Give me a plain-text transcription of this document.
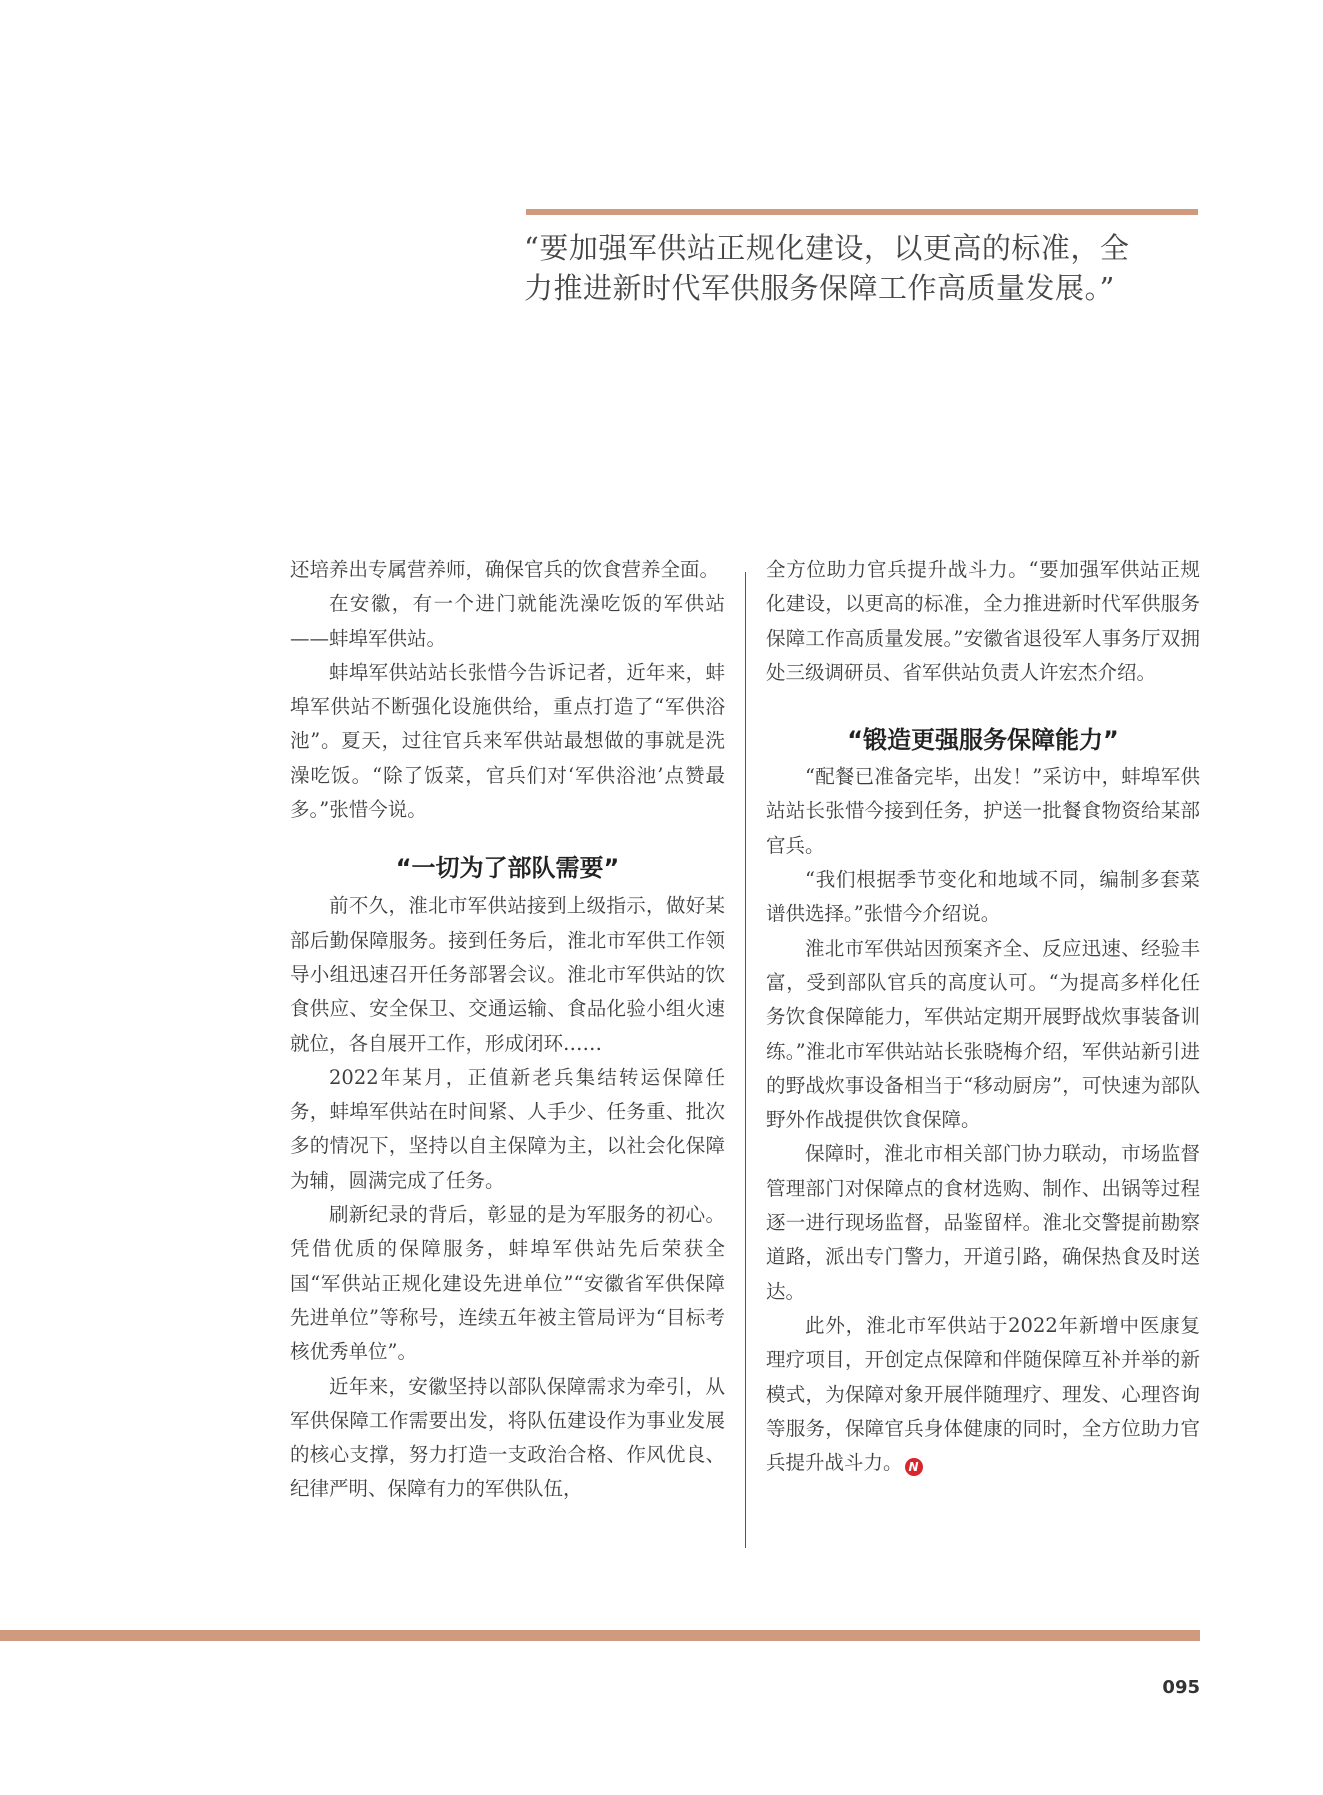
“要加强军供站正规化建设，以更高的标准，全
力推进新时代军供服务保障工作高质量发展。”

还培养出专属营养师，确保官兵的饮食营养全面。

在安徽，有一个进门就能洗澡吃饭的军供站——蚌埠军供站。

蚌埠军供站站长张惜今告诉记者，近年来，蚌埠军供站不断强化设施供给，重点打造了“军供浴池”。夏天，过往官兵来军供站最想做的事就是洗澡吃饭。“除了饭菜，官兵们对‘军供浴池’点赞最多。”张惜今说。

“一切为了部队需要”

前不久，淮北市军供站接到上级指示，做好某部后勤保障服务。接到任务后，淮北市军供工作领导小组迅速召开任务部署会议。淮北市军供站的饮食供应、安全保卫、交通运输、食品化验小组火速就位，各自展开工作，形成闭环……

2022年某月，正值新老兵集结转运保障任务，蚌埠军供站在时间紧、人手少、任务重、批次多的情况下，坚持以自主保障为主，以社会化保障为辅，圆满完成了任务。

刷新纪录的背后，彰显的是为军服务的初心。凭借优质的保障服务，蚌埠军供站先后荣获全国“军供站正规化建设先进单位”“安徽省军供保障先进单位”等称号，连续五年被主管局评为“目标考核优秀单位”。

近年来，安徽坚持以部队保障需求为牵引，从军供保障工作需要出发，将队伍建设作为事业发展的核心支撑，努力打造一支政治合格、作风优良、纪律严明、保障有力的军供队伍，

全方位助力官兵提升战斗力。“要加强军供站正规化建设，以更高的标准，全力推进新时代军供服务保障工作高质量发展。”安徽省退役军人事务厅双拥处三级调研员、省军供站负责人许宏杰介绍。

“锻造更强服务保障能力”

“配餐已准备完毕，出发！”采访中，蚌埠军供站站长张惜今接到任务，护送一批餐食物资给某部官兵。

“我们根据季节变化和地域不同，编制多套菜谱供选择。”张惜今介绍说。

淮北市军供站因预案齐全、反应迅速、经验丰富，受到部队官兵的高度认可。“为提高多样化任务饮食保障能力，军供站定期开展野战炊事装备训练。”淮北市军供站站长张晓梅介绍，军供站新引进的野战炊事设备相当于“移动厨房”，可快速为部队野外作战提供饮食保障。

保障时，淮北市相关部门协力联动，市场监督管理部门对保障点的食材选购、制作、出锅等过程逐一进行现场监督，品鉴留样。淮北交警提前勘察道路，派出专门警力，开道引路，确保热食及时送达。

此外，淮北市军供站于2022年新增中医康复理疗项目，开创定点保障和伴随保障互补并举的新模式，为保障对象开展伴随理疗、理发、心理咨询等服务，保障官兵身体健康的同时，全方位助力官兵提升战斗力。 N

095
